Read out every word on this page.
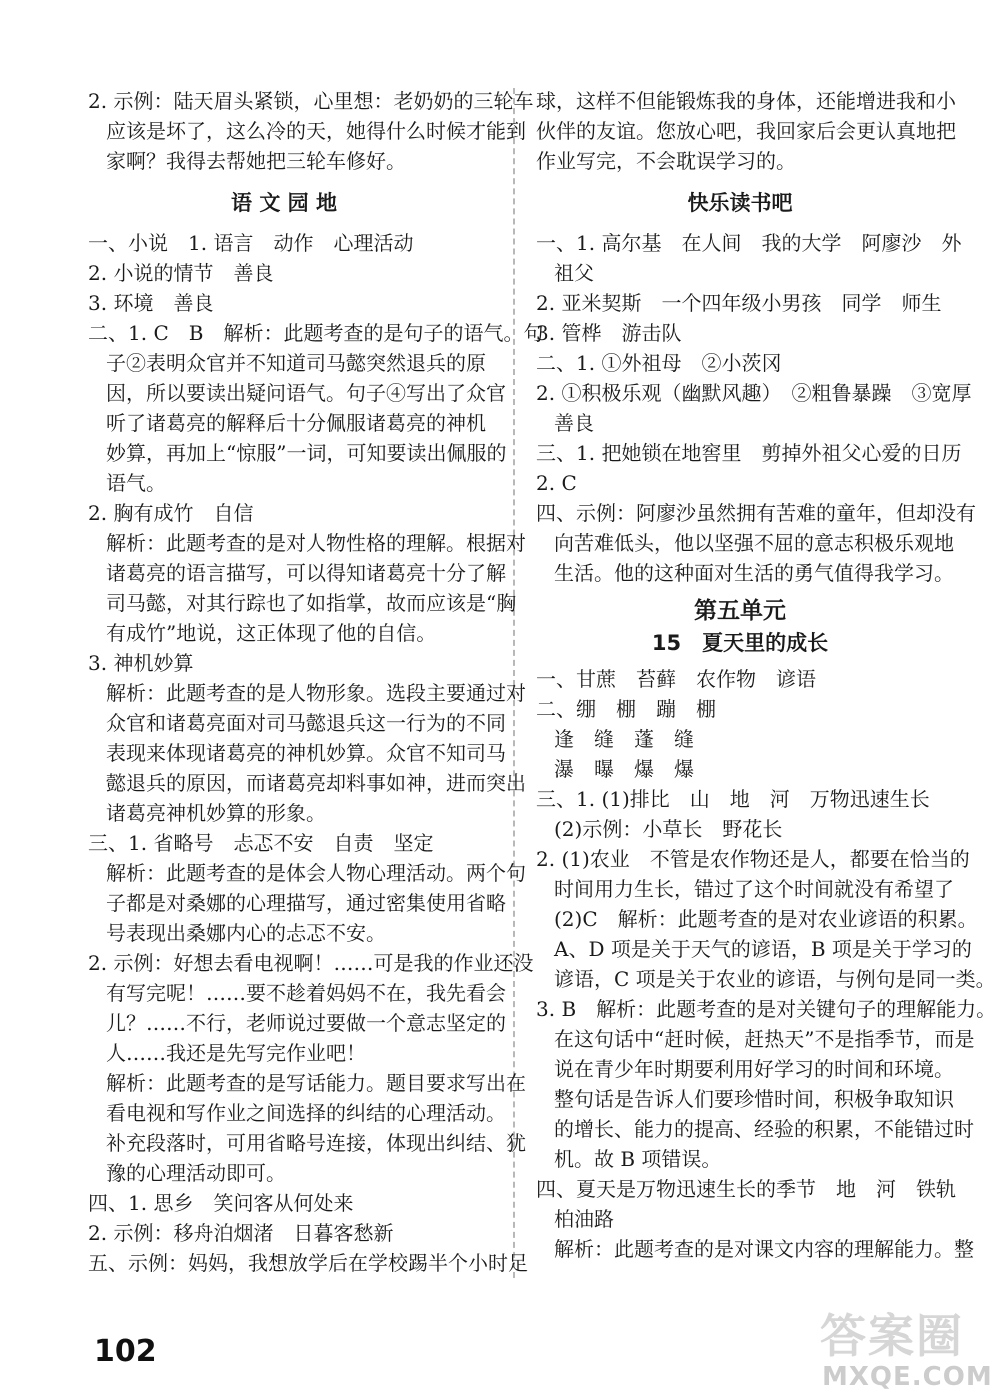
2. 示例：陆天眉头紧锁，心里想：老奶奶的三轮车
应该是坏了，这么冷的天，她得什么时候才能到
家啊？我得去帮她把三轮车修好。
语 文 园 地
一、小说　1. 语言　动作　心理活动
2. 小说的情节　善良
3. 环境　善良
二、1. C　B　解析：此题考查的是句子的语气。句
子②表明众官并不知道司马懿突然退兵的原
因，所以要读出疑问语气。句子④写出了众官
听了诸葛亮的解释后十分佩服诸葛亮的神机
妙算，再加上“惊服”一词，可知要读出佩服的
语气。
2. 胸有成竹　自信
解析：此题考查的是对人物性格的理解。根据对
诸葛亮的语言描写，可以得知诸葛亮十分了解
司马懿，对其行踪也了如指掌，故而应该是“胸
有成竹”地说，这正体现了他的自信。
3. 神机妙算
解析：此题考查的是人物形象。选段主要通过对
众官和诸葛亮面对司马懿退兵这一行为的不同
表现来体现诸葛亮的神机妙算。众官不知司马
懿退兵的原因，而诸葛亮却料事如神，进而突出
诸葛亮神机妙算的形象。
三、1. 省略号　忐忑不安　自责　坚定
解析：此题考查的是体会人物心理活动。两个句
子都是对桑娜的心理描写，通过密集使用省略
号表现出桑娜内心的忐忑不安。
2. 示例：好想去看电视啊！……可是我的作业还没
有写完呢！……要不趁着妈妈不在，我先看会
儿？……不行，老师说过要做一个意志坚定的
人……我还是先写完作业吧！
解析：此题考查的是写话能力。题目要求写出在
看电视和写作业之间选择的纠结的心理活动。
补充段落时，可用省略号连接，体现出纠结、犹
豫的心理活动即可。
四、1. 思乡　笑问客从何处来
2. 示例：移舟泊烟渚　日暮客愁新
五、示例：妈妈，我想放学后在学校踢半个小时足
球，这样不但能锻炼我的身体，还能增进我和小
伙伴的友谊。您放心吧，我回家后会更认真地把
作业写完，不会耽误学习的。
快乐读书吧
一、1. 高尔基　在人间　我的大学　阿廖沙　外
祖父
2. 亚米契斯　一个四年级小男孩　同学　师生
3. 管桦　游击队
二、1. ①外祖母　②小茨冈
2. ①积极乐观（幽默风趣）　②粗鲁暴躁　③宽厚
善良
三、1. 把她锁在地窖里　剪掉外祖父心爱的日历
2. C
四、示例：阿廖沙虽然拥有苦难的童年，但却没有
向苦难低头，他以坚强不屈的意志积极乐观地
生活。他的这种面对生活的勇气值得我学习。
第五单元
15　夏天里的成长
一、甘蔗　苔藓　农作物　谚语
二、绷　棚　蹦　棚
逢　缝　蓬　缝
瀑　曝　爆　爆
三、1. (1)排比　山　地　河　万物迅速生长
(2)示例：小草长　野花长
2. (1)农业　不管是农作物还是人，都要在恰当的
时间用力生长，错过了这个时间就没有希望了
(2)C　解析：此题考查的是对农业谚语的积累。
A、D 项是关于天气的谚语，B 项是关于学习的
谚语，C 项是关于农业的谚语，与例句是同一类。
3. B　解析：此题考查的是对关键句子的理解能力。
在这句话中“赶时候，赶热天”不是指季节，而是
说在青少年时期要利用好学习的时间和环境。
整句话是告诉人们要珍惜时间，积极争取知识
的增长、能力的提高、经验的积累，不能错过时
机。故 B 项错误。
四、夏天是万物迅速生长的季节　地　河　铁轨
柏油路
解析：此题考查的是对课文内容的理解能力。整
102	答案圈
MXQE.COM
